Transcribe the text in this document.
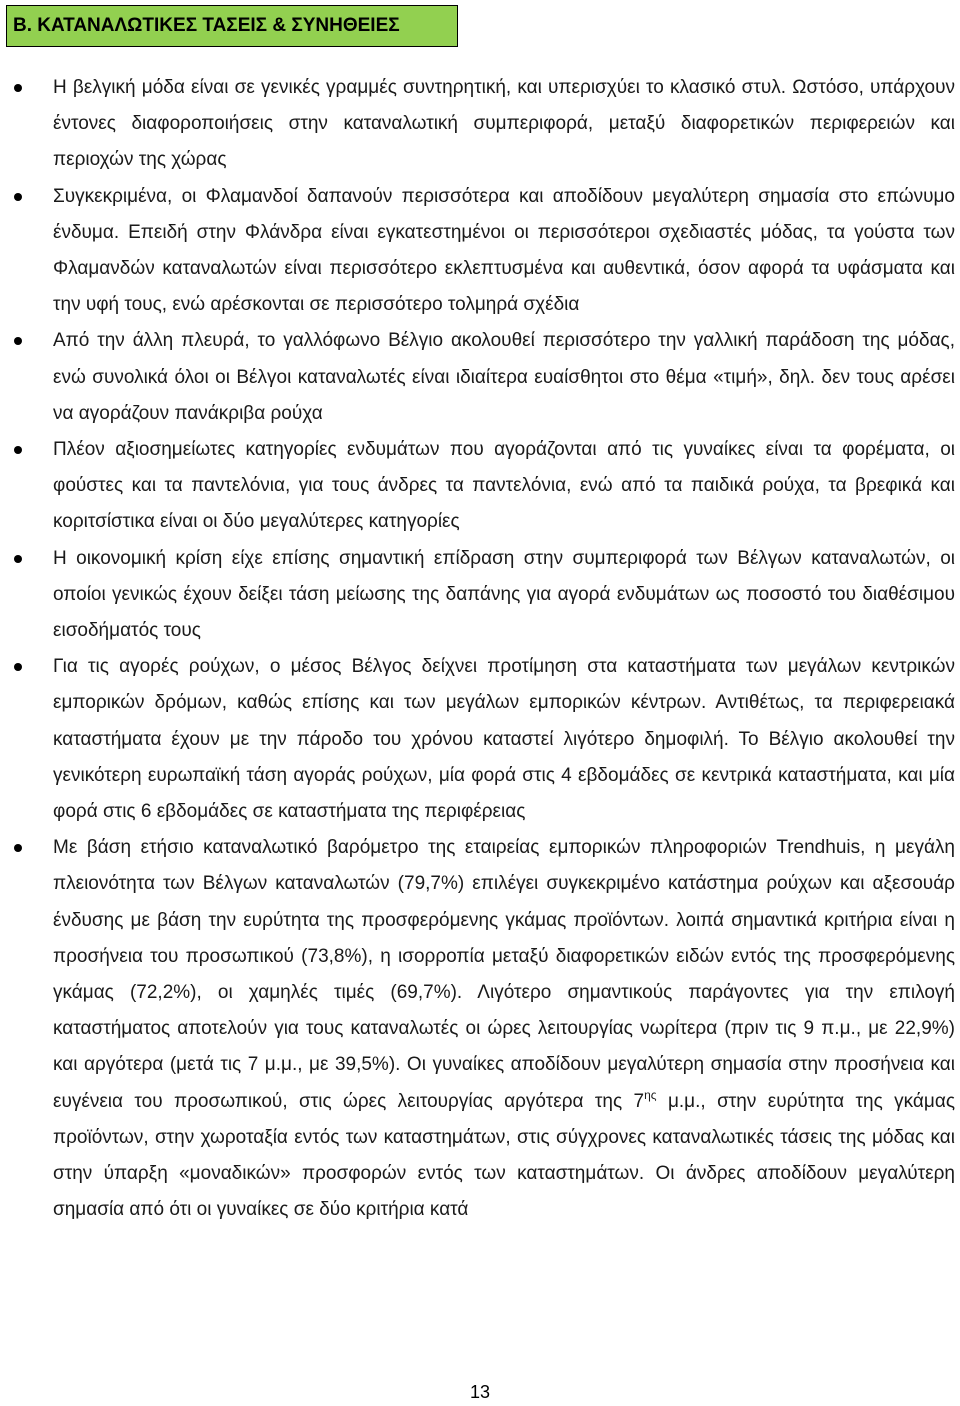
Β. ΚΑΤΑΝΑΛΩΤΙΚΕΣ ΤΑΣΕΙΣ & ΣΥΝΗΘΕΙΕΣ
Η βελγική μόδα είναι σε γενικές γραμμές συντηρητική, και υπερισχύει το κλασικό στυλ. Ωστόσο, υπάρχουν έντονες διαφοροποιήσεις στην καταναλωτική συμπεριφορά, μεταξύ διαφορετικών περιφερειών και περιοχών της χώρας
Συγκεκριμένα, οι Φλαμανδοί δαπανούν περισσότερα και αποδίδουν μεγαλύτερη σημασία στο επώνυμο ένδυμα. Επειδή στην Φλάνδρα είναι εγκατεστημένοι οι περισσότεροι σχεδιαστές μόδας, τα γούστα των Φλαμανδών καταναλωτών είναι περισσότερο εκλεπτυσμένα και αυθεντικά, όσον αφορά τα υφάσματα και την υφή τους, ενώ αρέσκονται σε περισσότερο τολμηρά σχέδια
Από την άλλη πλευρά, το γαλλόφωνο Βέλγιο ακολουθεί περισσότερο την γαλλική παράδοση της μόδας, ενώ συνολικά όλοι οι Βέλγοι καταναλωτές είναι ιδιαίτερα ευαίσθητοι στο θέμα «τιμή», δηλ. δεν τους αρέσει να αγοράζουν πανάκριβα ρούχα
Πλέον αξιοσημείωτες κατηγορίες ενδυμάτων που αγοράζονται από τις γυναίκες είναι τα φορέματα, οι φούστες και τα παντελόνια, για τους άνδρες τα παντελόνια, ενώ από τα παιδικά ρούχα, τα βρεφικά και κοριτσίστικα είναι οι δύο μεγαλύτερες κατηγορίες
Η οικονομική κρίση είχε επίσης σημαντική επίδραση στην συμπεριφορά των Βέλγων καταναλωτών, οι οποίοι γενικώς έχουν δείξει τάση μείωσης της δαπάνης για αγορά ενδυμάτων ως ποσοστό του διαθέσιμου εισοδήματός τους
Για τις αγορές ρούχων, ο μέσος Βέλγος δείχνει προτίμηση στα καταστήματα των μεγάλων κεντρικών εμπορικών δρόμων, καθώς επίσης και των μεγάλων εμπορικών κέντρων. Αντιθέτως, τα περιφερειακά καταστήματα έχουν με την πάροδο του χρόνου καταστεί λιγότερο δημοφιλή. Το Βέλγιο ακολουθεί την γενικότερη ευρωπαϊκή τάση αγοράς ρούχων, μία φορά στις 4 εβδομάδες σε κεντρικά καταστήματα, και μία φορά στις 6 εβδομάδες σε καταστήματα της περιφέρειας
Με βάση ετήσιο καταναλωτικό βαρόμετρο της εταιρείας εμπορικών πληροφοριών Trendhuis, η μεγάλη πλειονότητα των Βέλγων καταναλωτών (79,7%) επιλέγει συγκεκριμένο κατάστημα ρούχων και αξεσουάρ ένδυσης με βάση την ευρύτητα της προσφερόμενης γκάμας προϊόντων. λοιπά σημαντικά κριτήρια είναι η προσήνεια του προσωπικού (73,8%), η ισορροπία μεταξύ διαφορετικών ειδών εντός της προσφερόμενης γκάμας (72,2%), οι χαμηλές τιμές (69,7%). Λιγότερο σημαντικούς παράγοντες για την επιλογή καταστήματος αποτελούν για τους καταναλωτές οι ώρες λειτουργίας νωρίτερα (πριν τις 9 π.μ., με 22,9%) και αργότερα (μετά τις 7 μ.μ., με 39,5%). Οι γυναίκες αποδίδουν μεγαλύτερη σημασία στην προσήνεια και ευγένεια του προσωπικού, στις ώρες λειτουργίας αργότερα της $7^{\eta\varsigma}$ μ.μ., στην ευρύτητα της γκάμας προϊόντων, στην χωροταξία εντός των καταστημάτων, στις σύγχρονες καταναλωτικές τάσεις της μόδας και στην ύπαρξη «μοναδικών» προσφορών εντός των καταστημάτων. Οι άνδρες αποδίδουν μεγαλύτερη σημασία από ότι οι γυναίκες σε δύο κριτήρια κατά
13
